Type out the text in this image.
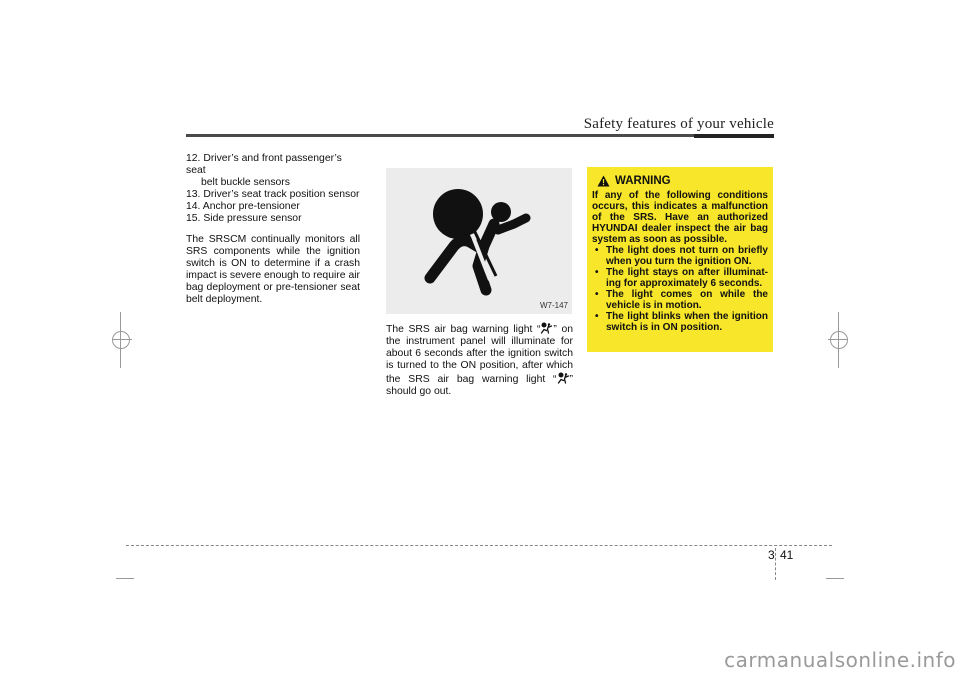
Safety features of your vehicle
12. Driver’s and front passenger’s seat
belt buckle sensors
13. Driver’s seat track position sensor
14. Anchor pre-tensioner
15. Side pressure sensor

The SRSCM continually monitors all SRS components while the ignition switch is ON to determine if a crash impact is severe enough to require air bag deployment or pre-tensioner seat belt deployment.

W7-147
The SRS air bag warning light “ ” on the instrument panel will illuminate for about 6 seconds after the ignition switch is turned to the ON position, after which the SRS air bag warning light “ ” should go out.
WARNING

If any of the following conditions occurs, this indicates a malfunction of the SRS. Have an authorized HYUNDAI dealer inspect the air bag system as soon as possible.

• The light does not turn on briefly when you turn the ignition ON.
• The light stays on after illuminat-ing for approximately 6 seconds.
• The light comes on while the vehicle is in motion.
• The light blinks when the ignition switch is in ON position.
3 41
carmanualsonline.info
